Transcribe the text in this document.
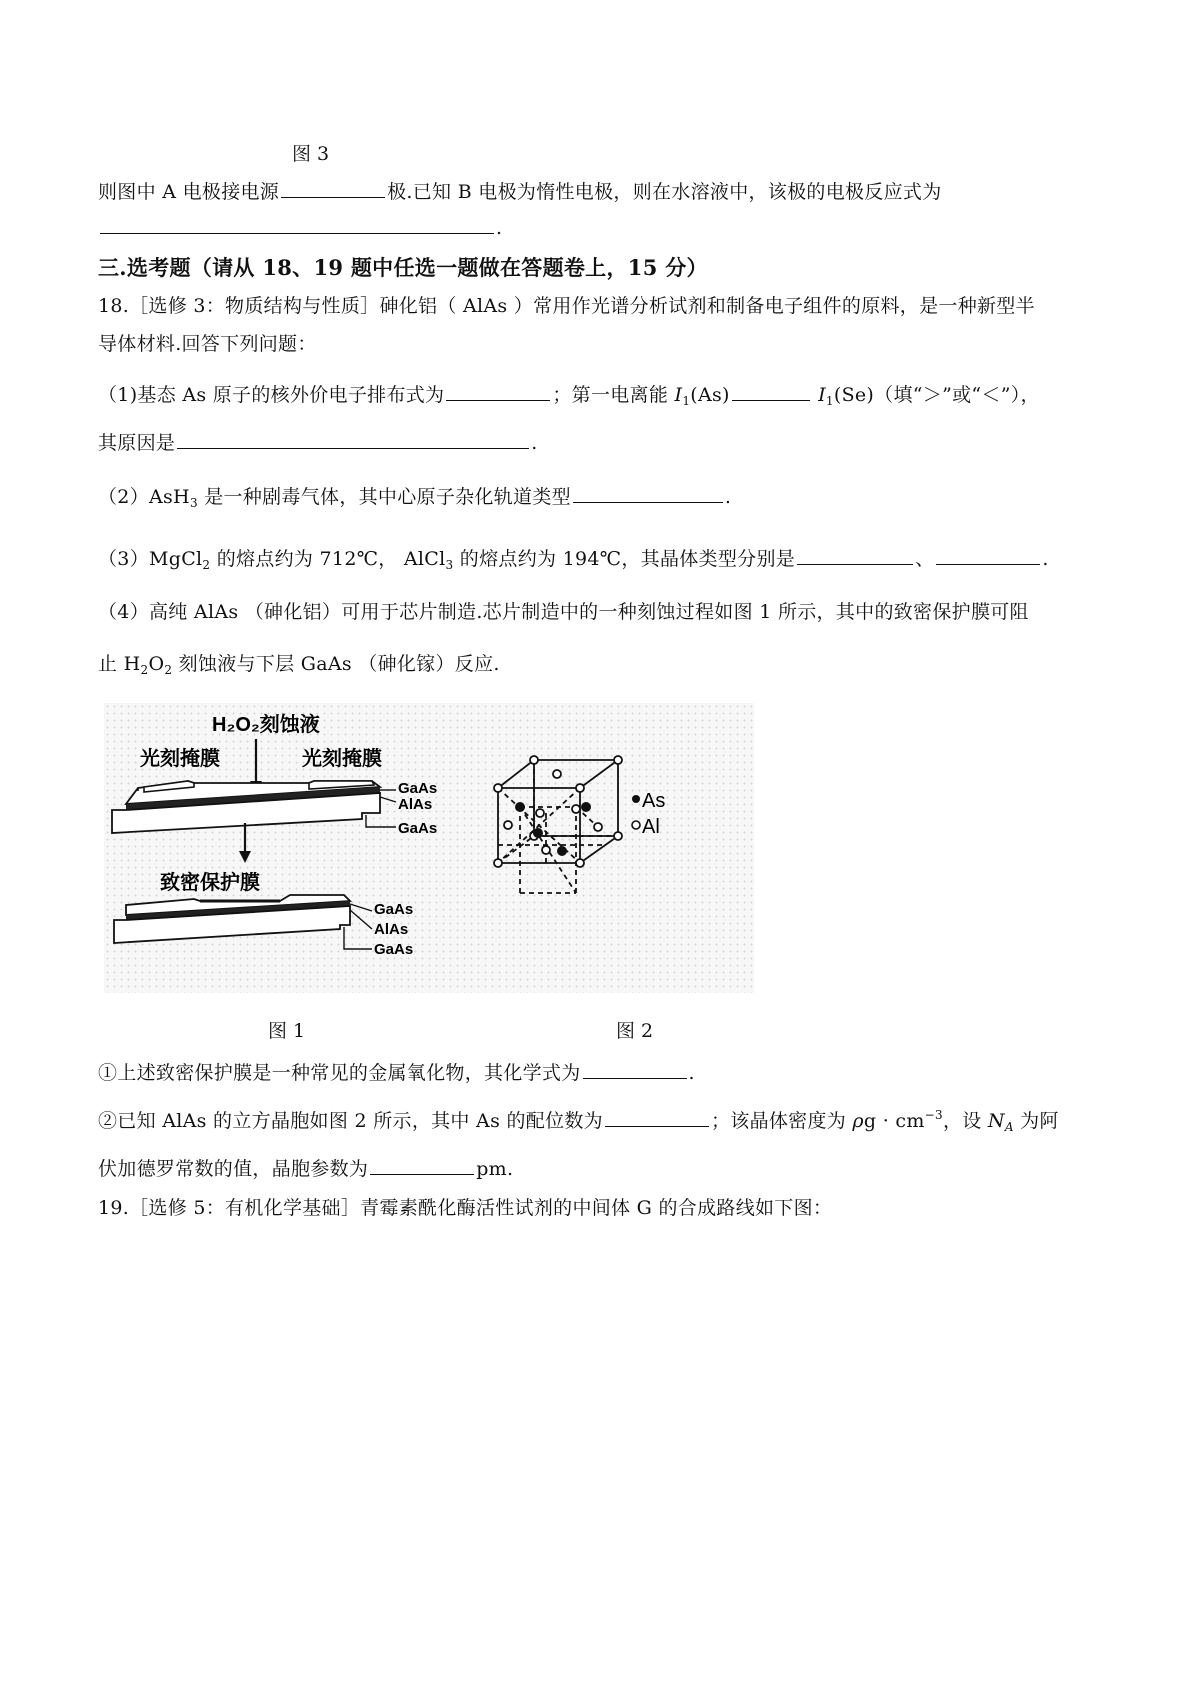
图 3
则图中 A 电极接电源	极.已知 B 电极为惰性电极，则在水溶液中，该极的电极反应式为
.
三.选考题（请从 18、19 题中任选一题做在答题卷上，15 分）
18.［选修 3：物质结构与性质］砷化铝（ AlAs ）常用作光谱分析试剂和制备电子组件的原料，是一种新型半
导体材料.回答下列问题：
（1)基态 As 原子的核外价电子排布式为	；第一电离能 $I_1(As)$	$I_1(Se)$（填“＞”或“＜”），
其原因是	.
（2）AsH$_3$ 是一种剧毒气体，其中心原子杂化轨道类型	.
（3）MgCl$_2$ 的熔点约为 712℃， AlCl$_3$ 的熔点约为 194℃，其晶体类型分别是	、	.
（4）高纯 AlAs （砷化铝）可用于芯片制造.芯片制造中的一种刻蚀过程如图 1 所示，其中的致密保护膜可阻
止 $H_2O_2$ 刻蚀液与下层 GaAs （砷化镓）反应.
H₂O₂刻蚀液
光刻掩膜	光刻掩膜
GaAs
AlAs
GaAs
致密保护膜
GaAs
AlAs
GaAs
As
Al
图 1	图 2
①上述致密保护膜是一种常见的金属氧化物，其化学式为	.
②已知 AlAs 的立方晶胞如图 2 所示，其中 As 的配位数为	；该晶体密度为 $\rho g \cdot cm^{-3}$，设 $N_A$ 为阿
伏加德罗常数的值，晶胞参数为	pm.
19.［选修 5：有机化学基础］青霉素酰化酶活性试剂的中间体 G 的合成路线如下图：
